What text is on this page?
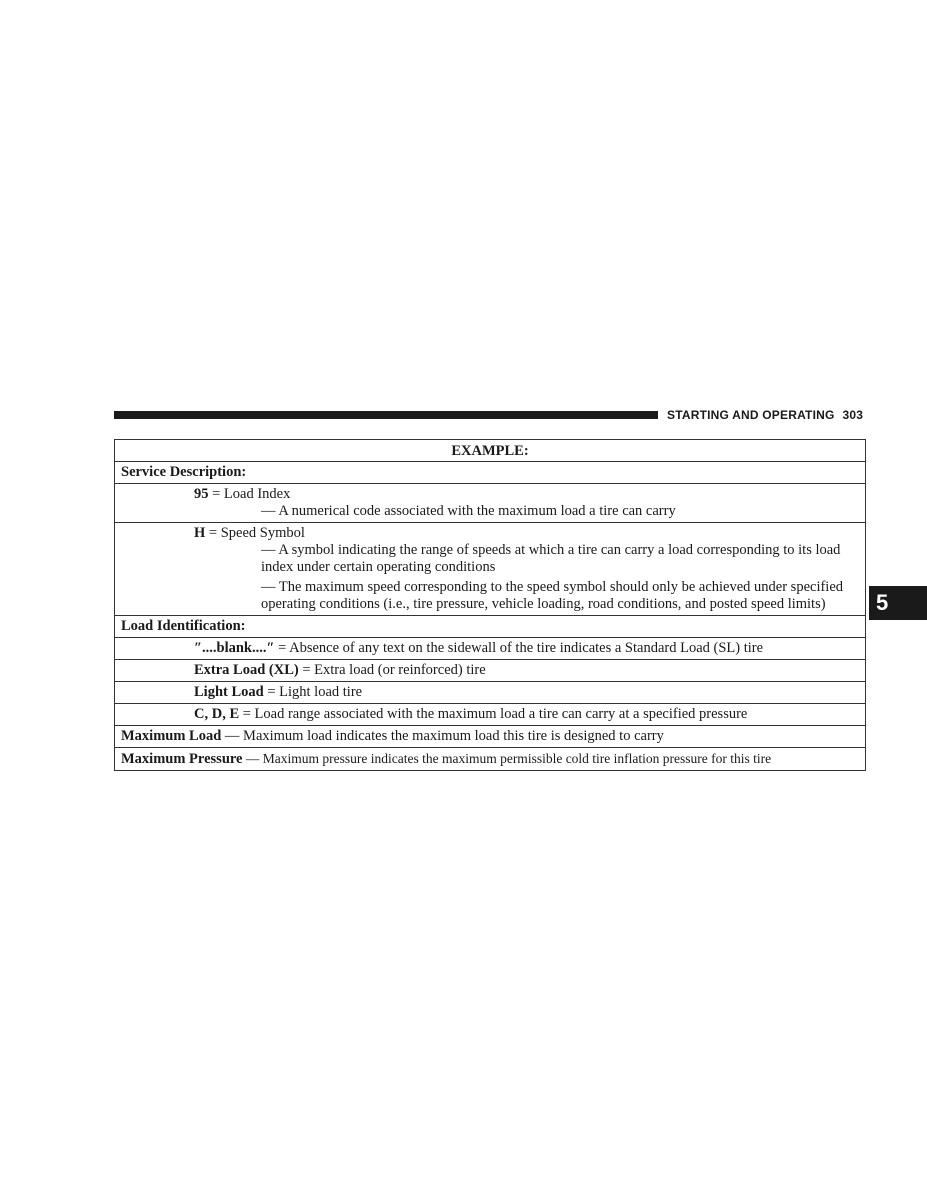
STARTING AND OPERATING 303
5
EXAMPLE:
Service Description:
95 = Load Index

— A numerical code associated with the maximum load a tire can carry

H = Speed Symbol

— A symbol indicating the range of speeds at which a tire can carry a load corresponding to its load index under certain operating conditions

— The maximum speed corresponding to the speed symbol should only be achieved under specified operating conditions (i.e., tire pressure, vehicle loading, road conditions, and posted speed limits)

Load Identification:
″....blank....″ = Absence of any text on the sidewall of the tire indicates a Standard Load (SL) tire
Extra Load (XL) = Extra load (or reinforced) tire
Light Load = Light load tire
C, D, E = Load range associated with the maximum load a tire can carry at a specified pressure
Maximum Load — Maximum load indicates the maximum load this tire is designed to carry
Maximum Pressure — Maximum pressure indicates the maximum permissible cold tire inflation pressure for this tire
